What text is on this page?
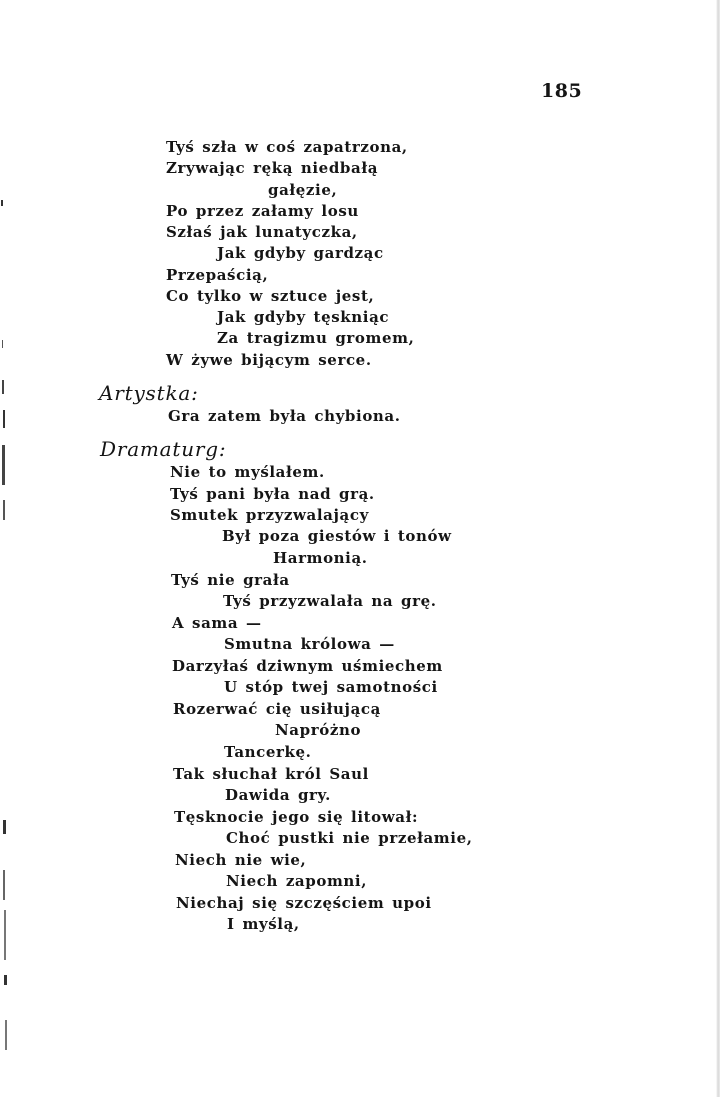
185
Tyś szła w coś zapatrzona,
Zrywając ręką niedbałą
gałęzie,
Po przez załamy losu
Szłaś jak lunatyczka,
Jak gdyby gardząc
Przepaścią,
Co tylko w sztuce jest,
Jak gdyby tęskniąc
Za tragizmu gromem,
W żywe bijącym serce.
Artystka:
Gra zatem była chybiona.
Dramaturg:
Nie to myślałem.
Tyś pani była nad grą.
Smutek przyzwalający
Był poza giestów i tonów
Harmonią.
Tyś nie grała
Tyś przyzwalała na grę.
A sama —
Smutna królowa —
Darzyłaś dziwnym uśmiechem
U stóp twej samotności
Rozerwać cię usiłującą
Napróżno
Tancerkę.
Tak słuchał król Saul
Dawida gry.
Tęsknocie jego się litował:
Choć pustki nie przełamie,
Niech nie wie,
Niech zapomni,
Niechaj się szczęściem upoi
I myślą,
